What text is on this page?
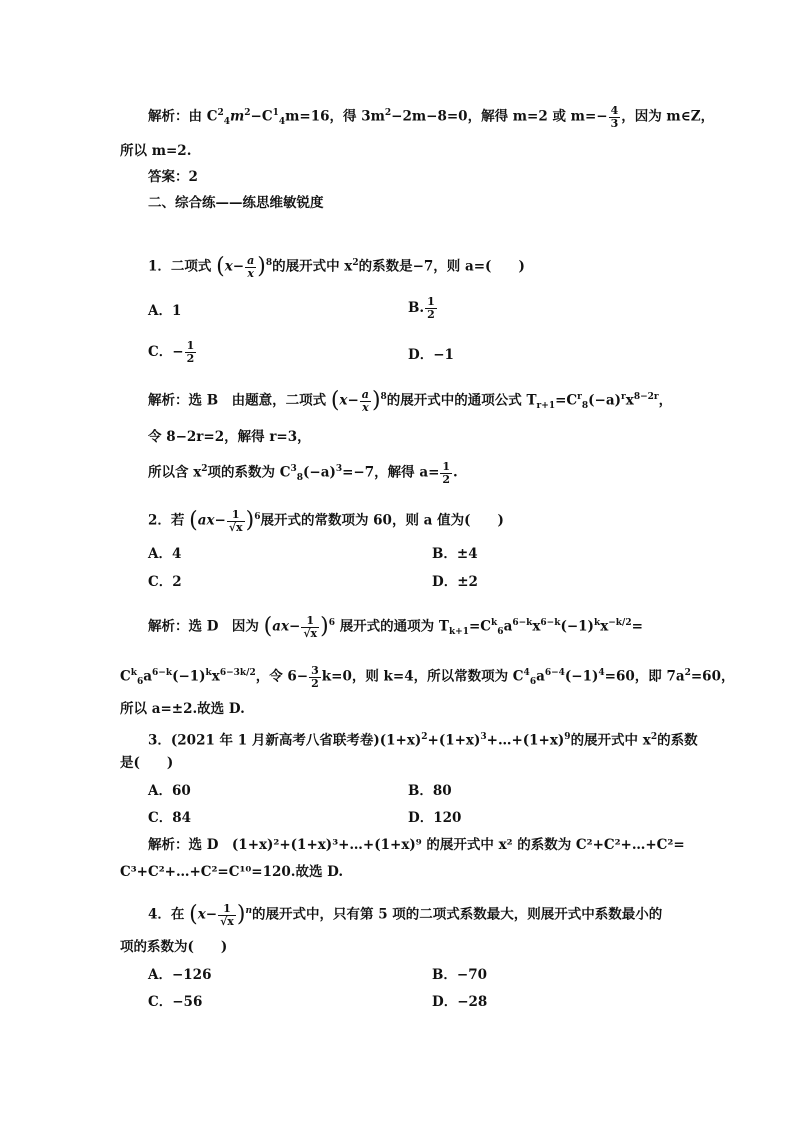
解析：由 $C^2_4m^2-C^1_4m=16$，得 $3m^2-2m-8=0$，解得 m=2 或 $m=- \frac{4}{3}$ ，因为 m∈Z，
所以 m=2.
答案：2
二、综合练——练思维敏锐度
1．二项式 $(x- \frac{a}{x} )^8$的展开式中 $x^2$的系数是−7，则 a=(　　)
A．1	B. $\frac{1}{2}$
C．− $\frac{1}{2}$	D．−1
解析：选 B　由题意，二项式 $(x- \frac{a}{x} )^8$的展开式中的通项公式 $T_{r+1}=C^r_8(-a)^rx^{8-2r}$，
令 8−2r=2，解得 r=3，
所以含 $x^2$项的系数为 $C^3_8(-a)^3=-7$，解得 $a= \frac{1}{2}$ .
2．若 $(ax- \frac{1}{√x} )^6$展开式的常数项为 60，则 a 值为(　　)
A．4	B．±4
C．2	D．±2
解析：选 D　因为 $(ax- \frac{1}{√x} )^6$ 展开式的通项为 $T_{k+1}=C^k_6a^{6-k}x^{6-k}(-1)^kx^{-k/2}=$
$C^k_6a^{6-k}(-1)^kx^{6-3k/2}$，令 $6- \frac{3}{2} k=0$，则 k=4，所以常数项为 $C^4_6a^{6-4}(-1)^4=60$，即 $7a^2=60$，
所以 a=±2.故选 D.
3．(2021 年 1 月新高考八省联考卷)$(1+x)^2+(1+x)^3+\dots+(1+x)^9$的展开式中 $x^2$的系数
是(　　)
A．60	B．80
C．84	D．120
解析：选 D　(1+x)²+(1+x)³+…+(1+x)⁹ 的展开式中 x² 的系数为 C²+C²+…+C²=
C³+C²+…+C²=C¹⁰=120.故选 D.
4．在 $(x- \frac{1}{√x} )^n$的展开式中，只有第 5 项的二项式系数最大，则展开式中系数最小的
项的系数为(　　)
A．−126	B．−70
C．−56	D．−28
